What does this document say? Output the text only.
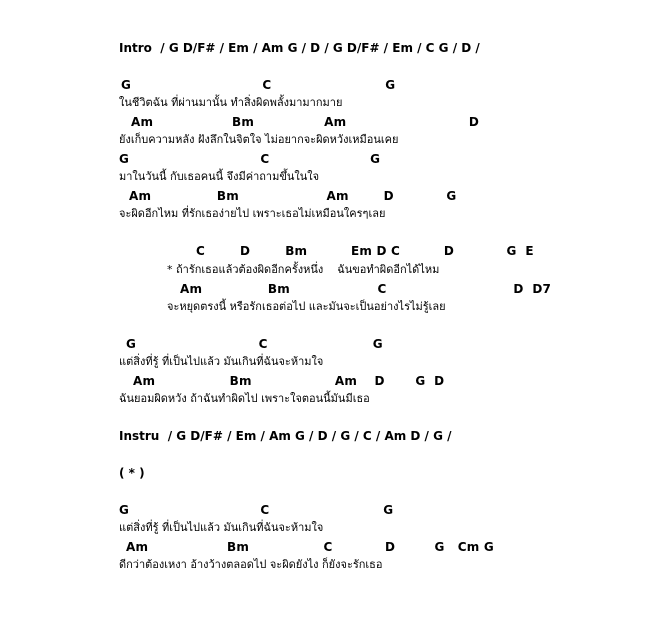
Intro  / G D/F# / Em / Am G / D / G D/F# / Em / C G / D /
G                              C                          G
ในชีวิตฉัน ที่ผ่านมานั้น ทำสิ่งผิดพลั้งมามากมาย
Am                  Bm                Am                            D
ยังเก็บความหลัง ฝังลึกในจิตใจ ไม่อยากจะผิดหวังเหมือนเคย
G                              C                       G
มาในวันนี้ กับเธอคนนี้ จึงมีค่าถามขึ้นในใจ
Am               Bm                    Am        D            G
จะผิดอีกไหม ที่รักเธอง่ายไป เพราะเธอไม่เหมือนใครๆเลย
C        D        Bm          Em D C          D            G  E
* ถ้ารักเธอแล้วต้องผิดอีกครั้งหนึ่ง    ฉันขอทำผิดอีกได้ไหม
Am               Bm                    C                             D  D7
จะหยุดตรงนี้ หรือรักเธอต่อไป และมันจะเป็นอย่างไรไม่รู้เลย
G                            C                        G
แต่สิ่งที่รู้ ที่เป็นไปแล้ว มันเกินที่ฉันจะห้ามใจ
Am                 Bm                   Am    D       G  D
ฉันยอมผิดหวัง ถ้าฉันทำผิดไป เพราะใจตอนนี้มันมีเธอ
Instru  / G D/F# / Em / Am G / D / G / C / Am D / G /
( * )
G                              C                          G
แต่สิ่งที่รู้ ที่เป็นไปแล้ว มันเกินที่ฉันจะห้ามใจ
Am                  Bm                 C            D         G   Cm G
ดีกว่าต้องเหงา อ้างว้างตลอดไป จะผิดยังไง ก็ยังจะรักเธอ
